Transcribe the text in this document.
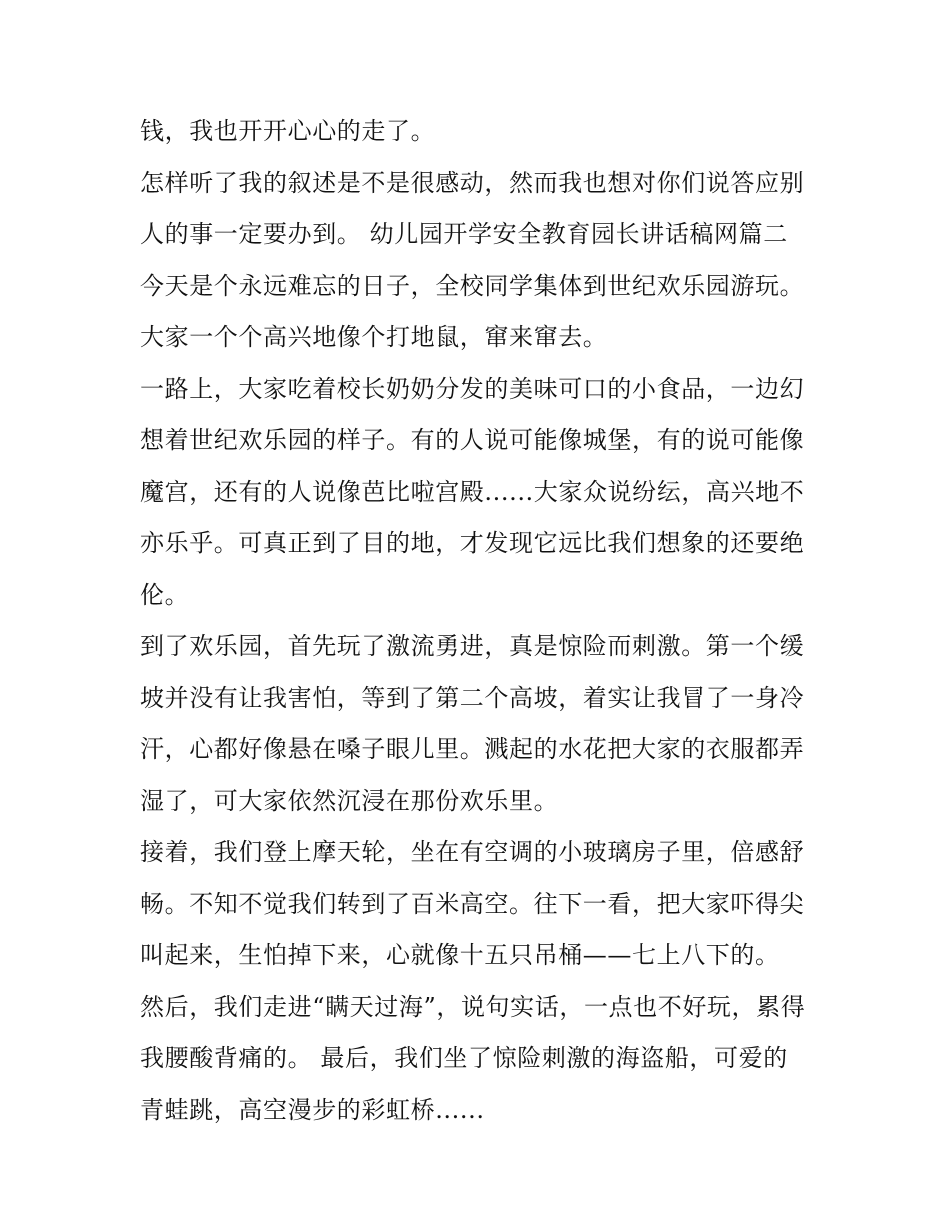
钱，我也开开心心的走了。
怎样听了我的叙述是不是很感动，然而我也想对你们说答应别
人的事一定要办到。 幼儿园开学安全教育园长讲话稿网篇二
今天是个永远难忘的日子，全校同学集体到世纪欢乐园游玩。
大家一个个高兴地像个打地鼠，窜来窜去。
一路上，大家吃着校长奶奶分发的美味可口的小食品，一边幻
想着世纪欢乐园的样子。有的人说可能像城堡，有的说可能像
魔宫，还有的人说像芭比啦宫殿......大家众说纷纭，高兴地不
亦乐乎。可真正到了目的地，才发现它远比我们想象的还要绝
伦。
到了欢乐园，首先玩了激流勇进，真是惊险而刺激。第一个缓
坡并没有让我害怕，等到了第二个高坡，着实让我冒了一身冷
汗，心都好像悬在嗓子眼儿里。溅起的水花把大家的衣服都弄
湿了，可大家依然沉浸在那份欢乐里。
接着，我们登上摩天轮，坐在有空调的小玻璃房子里，倍感舒
畅。不知不觉我们转到了百米高空。往下一看，把大家吓得尖
叫起来，生怕掉下来，心就像十五只吊桶——七上八下的。
然后，我们走进“瞒天过海”，说句实话，一点也不好玩，累得
我腰酸背痛的。 最后，我们坐了惊险刺激的海盗船，可爱的
青蛙跳，高空漫步的彩虹桥......
